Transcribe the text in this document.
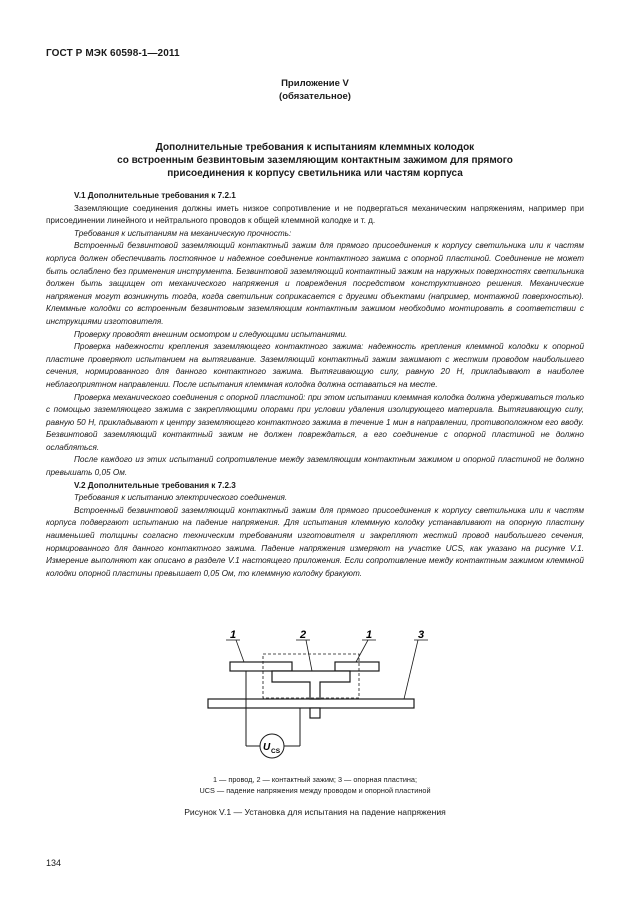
ГОСТ Р МЭК 60598-1—2011
Приложение V
(обязательное)
Дополнительные требования к испытаниям клеммных колодок
со встроенным безвинтовым заземляющим контактным зажимом для прямого
присоединения к корпусу светильника или частям корпуса

V.1 Дополнительные требования к 7.2.1

Заземляющие соединения должны иметь низкое сопротивление и не подвергаться механическим напряжениям, например при присоединении линейного и нейтрального проводов к общей клеммной колодке и т. д.

Требования к испытаниям на механическую прочность:

Встроенный безвинтовой заземляющий контактный зажим для прямого присоединения к корпусу светильника или к частям корпуса должен обеспечивать постоянное и надежное соединение контактного зажима с опорной пластиной. Соединение не может быть ослаблено без применения инструмента. Безвинтовой заземляющий контактный зажим на наружных поверхностях светильника должен быть защищен от механического напряжения и повреждения посредством конструктивного решения. Механические напряжения могут возникнуть тогда, когда светильник соприкасается с другими объектами (например, монтажной поверхностью). Клеммные колодки со встроенным безвинтовым заземляющим контактным зажимом необходимо монтировать в соответствии с инструкциями изготовителя.

Проверку проводят внешним осмотром и следующими испытаниями.

Проверка надежности крепления заземляющего контактного зажима: надежность крепления клеммной колодки к опорной пластине проверяют испытанием на вытягивание. Заземляющий контактный зажим зажимают с жестким проводом наибольшего сечения, нормированного для данного контактного зажима. Вытягивающую силу, равную 20 Н, прикладывают в наиболее неблагоприятном направлении. После испытания клеммная колодка должна оставаться на месте.

Проверка механического соединения с опорной пластиной: при этом испытании клеммная колодка должна удерживаться только с помощью заземляющего зажима с закрепляющими опорами при условии удаления изолирующего материала. Вытягивающую силу, равную 50 Н, прикладывают к центру заземляющего контактного зажима в течение 1 мин в направлении, противоположном его вводу. Безвинтовой заземляющий контактный зажим не должен повреждаться, а его соединение с опорной пластиной не должно ослабляться.

После каждого из этих испытаний сопротивление между заземляющим контактным зажимом и опорной пластиной не должно превышать 0,05 Ом.

V.2 Дополнительные требования к 7.2.3

Требования к испытанию электрического соединения.

Встроенный безвинтовой заземляющий контактный зажим для прямого присоединения к корпусу светильника или к частям корпуса подвергают испытанию на падение напряжения. Для испытания клеммную колодку устанавливают на опорную пластину наименьшей толщины согласно техническим требованиям изготовителя и закрепляют жесткий провод наибольшего сечения, нормированного для данного контактного зажима. Падение напряжения измеряют на участке UCS, как указано на рисунке V.1. Измерение выполняют как описано в разделе V.1 настоящего приложения. Если сопротивление между контактным зажимом клеммной колодки опорной пластины превышает 0,05 Ом, то клеммную колодку бракуют.

1	2	1	3
U CS
1 — провод, 2 — контактный зажим; 3 — опорная пластина;
UCS — падение напряжения между проводом и опорной пластиной
Рисунок V.1 — Установка для испытания на падение напряжения
134
